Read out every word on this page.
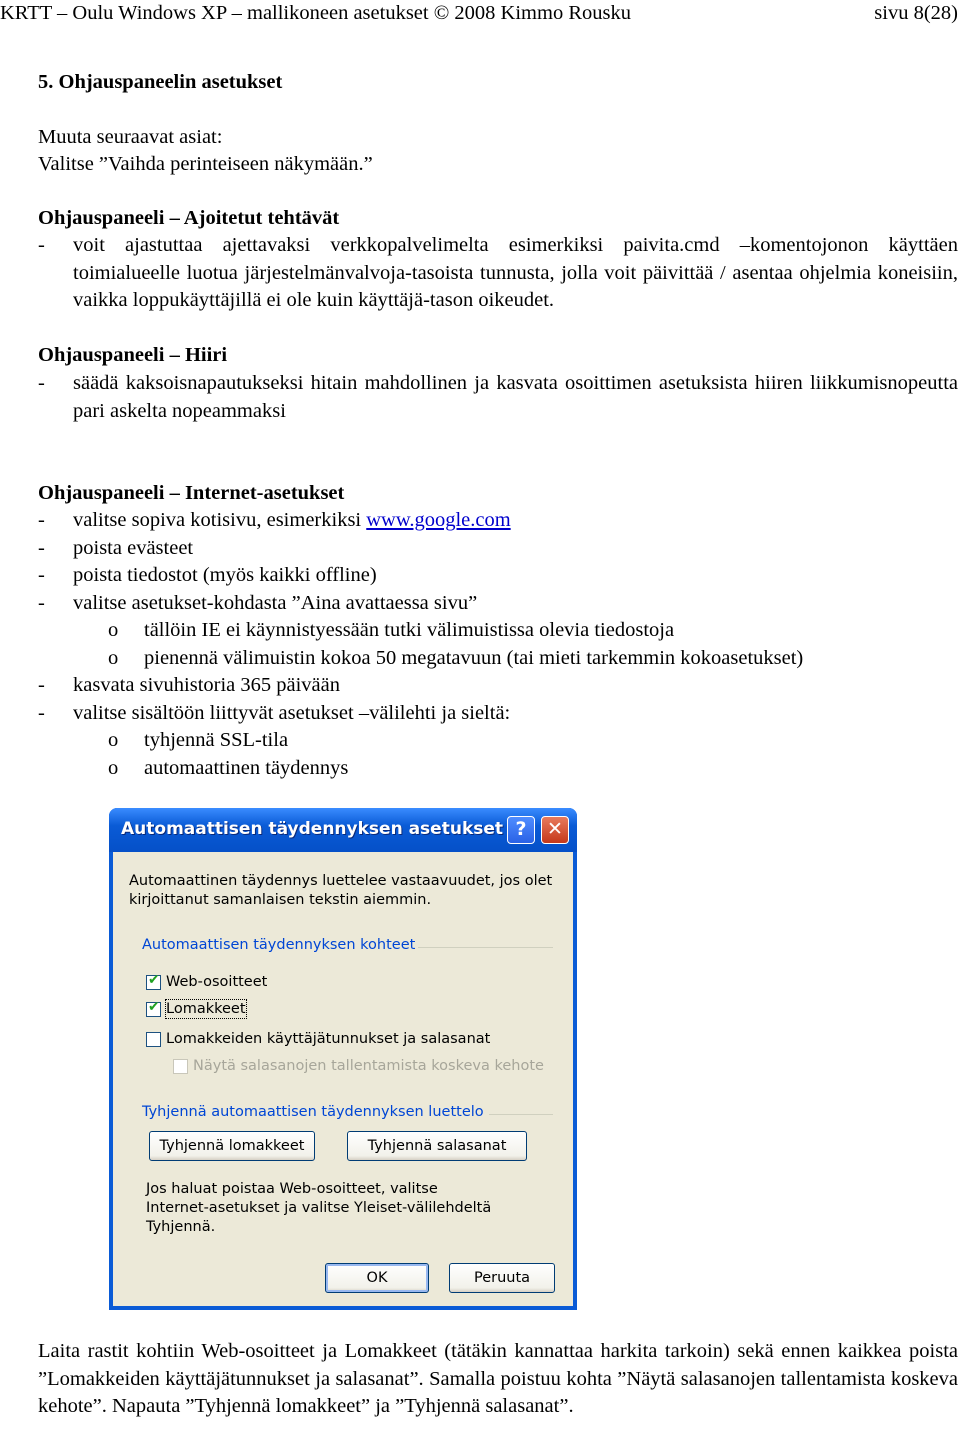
KRTT – Oulu Windows XP – mallikoneen asetukset © 2008 Kimmo Rousku	sivu 8(28)
5. Ohjauspaneelin asetukset
Muuta seuraavat asiat:
Valitse ”Vaihda perinteiseen näkymään.”
Ohjauspaneeli – Ajoitetut tehtävät
- voit ajastuttaa ajettavaksi verkkopalvelimelta esimerkiksi paivita.cmd –komentojonon käyttäen toimialueelle luotua järjestelmänvalvoja-tasoista tunnusta, jolla voit päivittää / asentaa ohjelmia koneisiin, vaikka loppukäyttäjillä ei ole kuin käyttäjä-tason oikeudet.
Ohjauspaneeli – Hiiri
- säädä kaksoisnapautukseksi hitain mahdollinen ja kasvata osoittimen asetuksista hiiren liikkumisnopeutta pari askelta nopeammaksi
Ohjauspaneeli – Internet-asetukset
- valitse sopiva kotisivu, esimerkiksi www.google.com
- poista evästeet
- poista tiedostot (myös kaikki offline)
- valitse asetukset-kohdasta ”Aina avattaessa sivu”
o tällöin IE ei käynnistyessään tutki välimuistissa olevia tiedostoja
o pienennä välimuistin kokoa 50 megatavuun (tai mieti tarkemmin kokoasetukset)
- kasvata sivuhistoria 365 päivään
- valitse sisältöön liittyvät asetukset –välilehti ja sieltä:
o tyhjennä SSL-tila
o automaattinen täydennys
Automaattisen täydennyksen asetukset ?	✕
Automaattinen täydennys luettelee vastaavuudet, jos olet
kirjoittanut samanlaisen tekstin aiemmin.
Automaattisen täydennyksen kohteet
✔ Web-osoitteet
✔ Lomakkeet
Lomakkeiden käyttäjätunnukset ja salasanat
Näytä salasanojen tallentamista koskeva kehote
Tyhjennä automaattisen täydennyksen luettelo
Tyhjennä lomakkeet	Tyhjennä salasanat
Jos haluat poistaa Web-osoitteet, valitse
Internet-asetukset ja valitse Yleiset-välilehdeltä
Tyhjennä.
OK	Peruuta
Laita rastit kohtiin Web-osoitteet ja Lomakkeet (tätäkin kannattaa harkita tarkoin) sekä ennen kaikkea poista ”Lomakkeiden käyttäjätunnukset ja salasanat”. Samalla poistuu kohta ”Näytä salasanojen tallentamista koskeva kehote”. Napauta ”Tyhjennä lomakkeet” ja ”Tyhjennä salasanat”.
